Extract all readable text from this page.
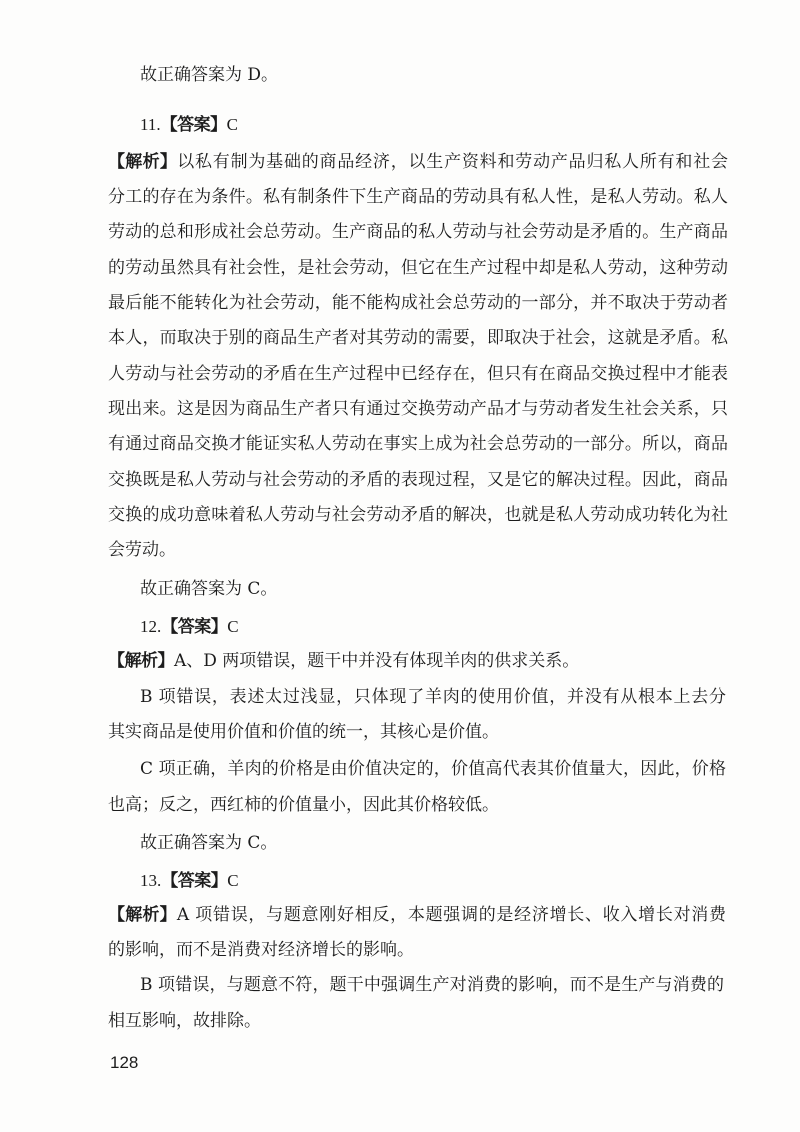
故正确答案为 D。
11.【答案】C
【解析】以私有制为基础的商品经济，以生产资料和劳动产品归私人所有和社会
分工的存在为条件。私有制条件下生产商品的劳动具有私人性，是私人劳动。私人
劳动的总和形成社会总劳动。生产商品的私人劳动与社会劳动是矛盾的。生产商品
的劳动虽然具有社会性，是社会劳动，但它在生产过程中却是私人劳动，这种劳动
最后能不能转化为社会劳动，能不能构成社会总劳动的一部分，并不取决于劳动者
本人，而取决于别的商品生产者对其劳动的需要，即取决于社会，这就是矛盾。私
人劳动与社会劳动的矛盾在生产过程中已经存在，但只有在商品交换过程中才能表
现出来。这是因为商品生产者只有通过交换劳动产品才与劳动者发生社会关系，只
有通过商品交换才能证实私人劳动在事实上成为社会总劳动的一部分。所以，商品
交换既是私人劳动与社会劳动的矛盾的表现过程，又是它的解决过程。因此，商品
交换的成功意味着私人劳动与社会劳动矛盾的解决，也就是私人劳动成功转化为社
会劳动。
故正确答案为 C。
12.【答案】C
【解析】A、D 两项错误，题干中并没有体现羊肉的供求关系。
B 项错误，表述太过浅显，只体现了羊肉的使用价值，并没有从根本上去分
其实商品是使用价值和价值的统一，其核心是价值。
C 项正确，羊肉的价格是由价值决定的，价值高代表其价值量大，因此，价格
也高；反之，西红柿的价值量小，因此其价格较低。
故正确答案为 C。
13.【答案】C
【解析】A 项错误，与题意刚好相反，本题强调的是经济增长、收入增长对消费
的影响，而不是消费对经济增长的影响。
B 项错误，与题意不符，题干中强调生产对消费的影响，而不是生产与消费的
相互影响，故排除。
128
